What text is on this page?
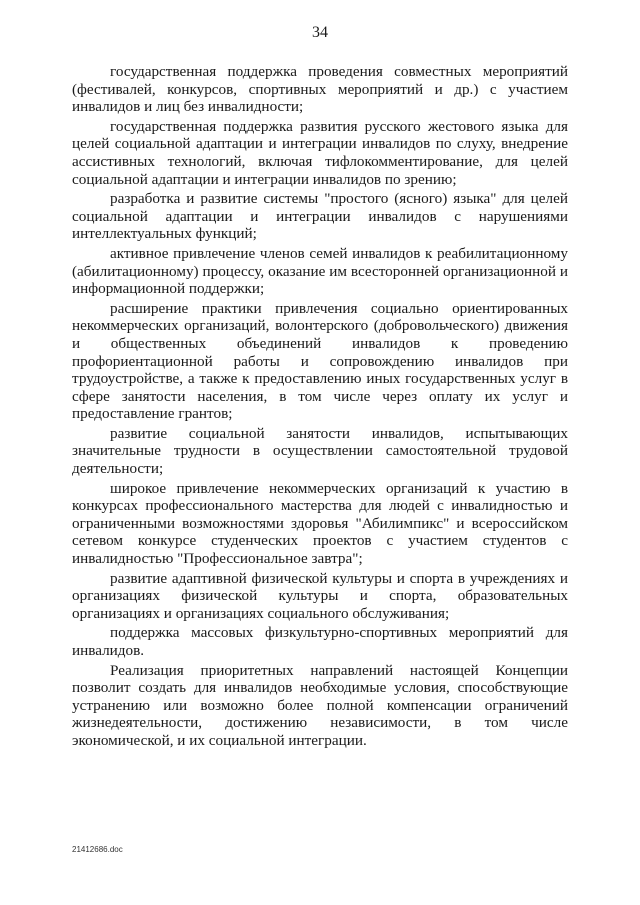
34

государственная поддержка проведения совместных мероприятий (фестивалей, конкурсов, спортивных мероприятий и др.) с участием инвалидов и лиц без инвалидности;

государственная поддержка развития русского жестового языка для целей социальной адаптации и интеграции инвалидов по слуху, внедрение ассистивных технологий, включая тифлокомментирование, для целей социальной адаптации и интеграции инвалидов по зрению;

разработка и развитие системы "простого (ясного) языка" для целей социальной адаптации и интеграции инвалидов с нарушениями интеллектуальных функций;

активное привлечение членов семей инвалидов к реабилитационному (абилитационному) процессу, оказание им всесторонней организационной и информационной поддержки;

расширение практики привлечения социально ориентированных некоммерческих организаций, волонтерского (добровольческого) движения и общественных объединений инвалидов к проведению профориентационной работы и сопровождению инвалидов при трудоустройстве, а также к предоставлению иных государственных услуг в сфере занятости населения, в том числе через оплату их услуг и предоставление грантов;

развитие социальной занятости инвалидов, испытывающих значительные трудности в осуществлении самостоятельной трудовой деятельности;

широкое привлечение некоммерческих организаций к участию в конкурсах профессионального мастерства для людей с инвалидностью и ограниченными возможностями здоровья "Абилимпикс" и всероссийском сетевом конкурсе студенческих проектов с участием студентов с инвалидностью "Профессиональное завтра";

развитие адаптивной физической культуры и спорта в учреждениях и организациях физической культуры и спорта, образовательных организациях и организациях социального обслуживания;

поддержка массовых физкультурно-спортивных мероприятий для инвалидов.

Реализация приоритетных направлений настоящей Концепции позволит создать для инвалидов необходимые условия, способствующие устранению или возможно более полной компенсации ограничений жизнедеятельности, достижению независимости, в том числе экономической, и их социальной интеграции.

21412686.doc
